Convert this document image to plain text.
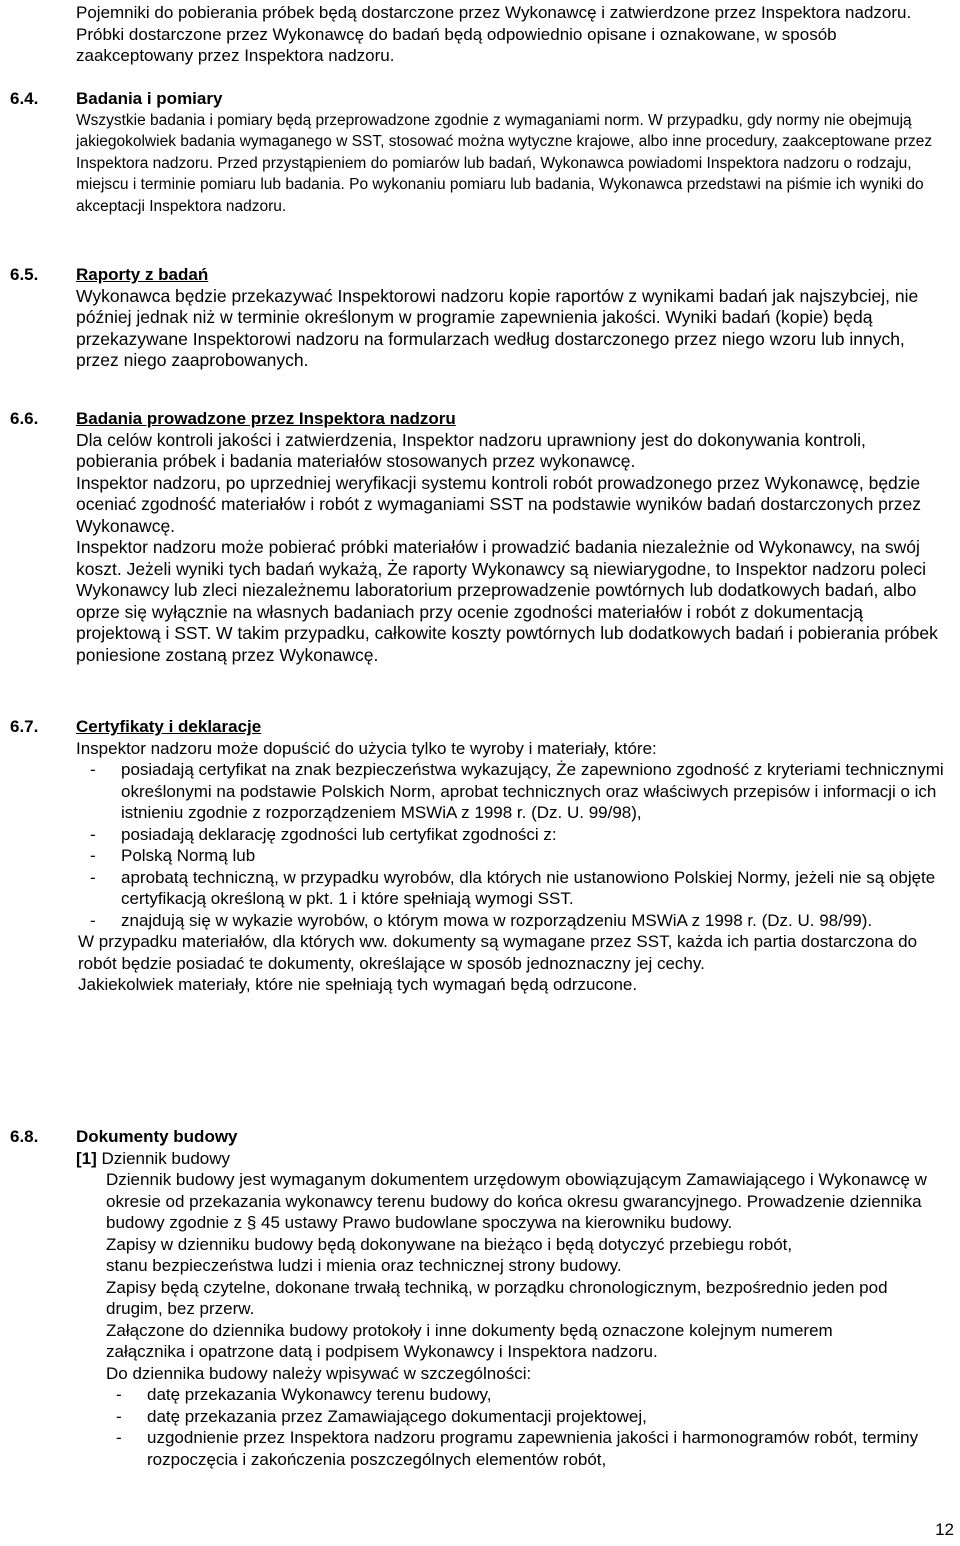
Pojemniki do pobierania próbek będą dostarczone przez Wykonawcę i zatwierdzone przez Inspektora nadzoru. Próbki dostarczone przez Wykonawcę do badań będą odpowiednio opisane i oznakowane, w sposób zaakceptowany przez Inspektora nadzoru.

6.4. Badania i pomiary

Wszystkie badania i pomiary będą przeprowadzone zgodnie z wymaganiami norm. W przypadku, gdy normy nie obejmują jakiegokolwiek badania wymaganego w SST, stosować można wytyczne krajowe, albo inne procedury, zaakceptowane przez Inspektora nadzoru. Przed przystąpieniem do pomiarów lub badań, Wykonawca powiadomi Inspektora nadzoru o rodzaju, miejscu i terminie pomiaru lub badania. Po wykonaniu pomiaru lub badania, Wykonawca przedstawi na piśmie ich wyniki do akceptacji Inspektora nadzoru.

6.5. Raporty z badań

Wykonawca będzie przekazywać Inspektorowi nadzoru kopie raportów z wynikami badań jak najszybciej, nie później jednak niż w terminie określonym w programie zapewnienia jakości. Wyniki badań (kopie) będą przekazywane Inspektorowi nadzoru na formularzach według dostarczonego przez niego wzoru lub innych, przez niego zaaprobowanych.

6.6. Badania prowadzone przez Inspektora nadzoru

Dla celów kontroli jakości i zatwierdzenia, Inspektor nadzoru uprawniony jest do dokonywania kontroli, pobierania próbek i badania materiałów stosowanych przez wykonawcę.

Inspektor nadzoru, po uprzedniej weryfikacji systemu kontroli robót prowadzonego przez Wykonawcę, będzie oceniać zgodność materiałów i robót z wymaganiami SST na podstawie wyników badań dostarczonych przez Wykonawcę.

Inspektor nadzoru może pobierać próbki materiałów i prowadzić badania niezależnie od Wykonawcy, na swój koszt. Jeżeli wyniki tych badań wykażą, Że raporty Wykonawcy są niewiarygodne, to Inspektor nadzoru poleci Wykonawcy lub zleci niezależnemu laboratorium przeprowadzenie powtórnych lub dodatkowych badań, albo oprze się wyłącznie na własnych badaniach przy ocenie zgodności materiałów i robót z dokumentacją projektową i SST. W takim przypadku, całkowite koszty powtórnych lub dodatkowych badań i pobierania próbek poniesione zostaną przez Wykonawcę.

6.7. Certyfikaty i deklaracje

Inspektor nadzoru może dopuścić do użycia tylko te wyroby i materiały, które:

- posiadają certyfikat na znak bezpieczeństwa wykazujący, Że zapewniono zgodność z kryteriami technicznymi określonymi na podstawie Polskich Norm, aprobat technicznych oraz właściwych przepisów i informacji o ich istnieniu zgodnie z rozporządzeniem MSWiA z 1998 r. (Dz. U. 99/98),
- posiadają deklarację zgodności lub certyfikat zgodności z:
- Polską Normą lub
- aprobatą techniczną, w przypadku wyrobów, dla których nie ustanowiono Polskiej Normy, jeżeli nie są objęte certyfikacją określoną w pkt. 1 i które spełniają wymogi SST.
- znajdują się w wykazie wyrobów, o którym mowa w rozporządzeniu MSWiA z 1998 r. (Dz. U. 98/99).

W przypadku materiałów, dla których ww. dokumenty są wymagane przez SST, każda ich partia dostarczona do robót będzie posiadać te dokumenty, określające w sposób jednoznaczny jej cechy.

Jakiekolwiek materiały, które nie spełniają tych wymagań będą odrzucone.

6.8. Dokumenty budowy
[1] Dziennik budowy

Dziennik budowy jest wymaganym dokumentem urzędowym obowiązującym Zamawiającego i Wykonawcę w okresie od przekazania wykonawcy terenu budowy do końca okresu gwarancyjnego. Prowadzenie dziennika budowy zgodnie z § 45 ustawy Prawo budowlane spoczywa na kierowniku budowy.

Zapisy w dzienniku budowy będą dokonywane na bieżąco i będą dotyczyć przebiegu robót, stanu bezpieczeństwa ludzi i mienia oraz technicznej strony budowy.

Zapisy będą czytelne, dokonane trwałą techniką, w porządku chronologicznym, bezpośrednio jeden pod drugim, bez przerw.

Załączone do dziennika budowy protokoły i inne dokumenty będą oznaczone kolejnym numerem załącznika i opatrzone datą i podpisem Wykonawcy i Inspektora nadzoru.

Do dziennika budowy należy wpisywać w szczególności:

- datę przekazania Wykonawcy terenu budowy,
- datę przekazania przez Zamawiającego dokumentacji projektowej,
- uzgodnienie przez Inspektora nadzoru programu zapewnienia jakości i harmonogramów robót, terminy rozpoczęcia i zakończenia poszczególnych elementów robót,
12
